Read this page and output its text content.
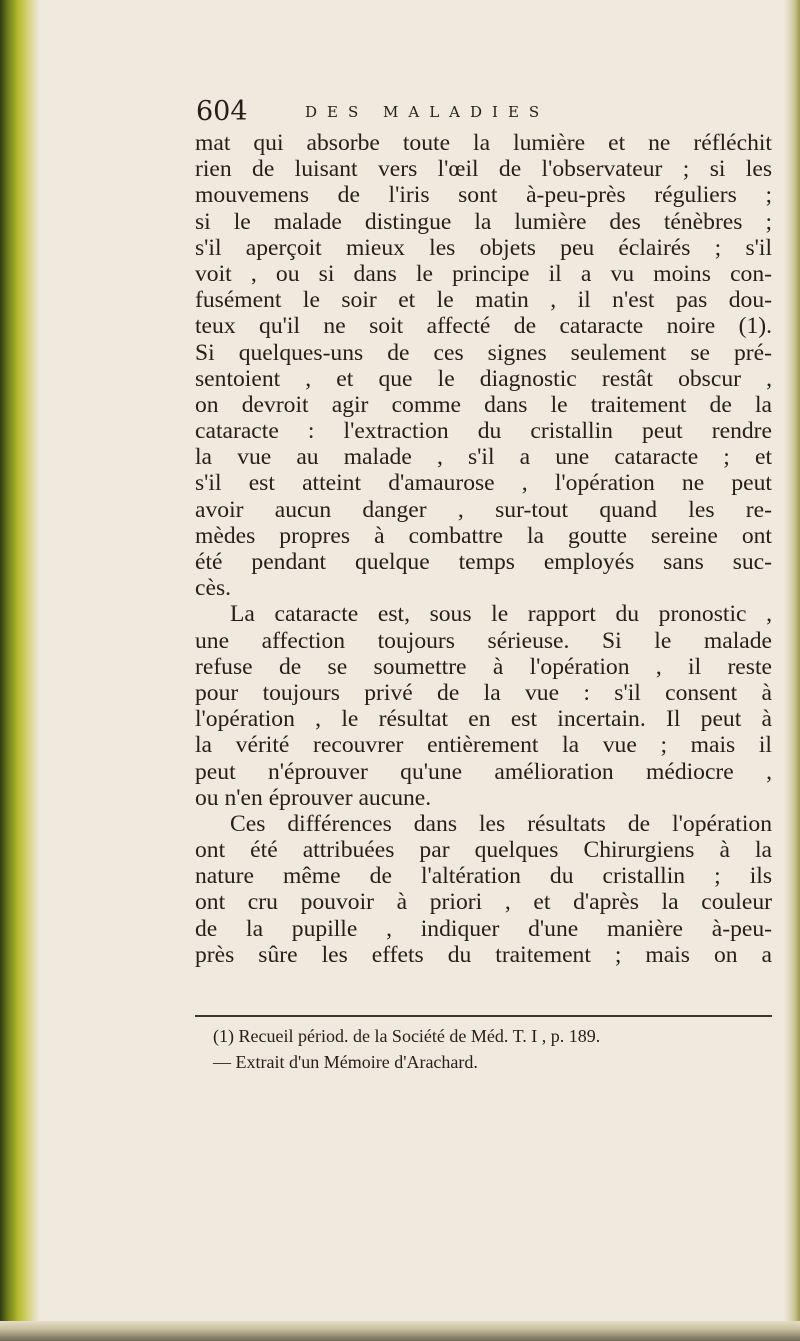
604	DES MALADIES
mat qui absorbe toute la lumière et ne réfléchit
rien de luisant vers l'œil de l'observateur ; si les
mouvemens de l'iris sont à-peu-près réguliers ;
si le malade distingue la lumière des ténèbres ;
s'il aperçoit mieux les objets peu éclairés ; s'il
voit , ou si dans le principe il a vu moins con-
fusément le soir et le matin , il n'est pas dou-
teux qu'il ne soit affecté de cataracte noire (1).
Si quelques-uns de ces signes seulement se pré-
sentoient , et que le diagnostic restât obscur ,
on devroit agir comme dans le traitement de la
cataracte : l'extraction du cristallin peut rendre
la vue au malade , s'il a une cataracte ; et
s'il est atteint d'amaurose , l'opération ne peut
avoir aucun danger , sur-tout quand les re-
mèdes propres à combattre la goutte sereine ont
été pendant quelque temps employés sans suc-
cès.
La cataracte est, sous le rapport du pronostic ,
une affection toujours sérieuse. Si le malade
refuse de se soumettre à l'opération , il reste
pour toujours privé de la vue : s'il consent à
l'opération , le résultat en est incertain. Il peut à
la vérité recouvrer entièrement la vue ; mais il
peut n'éprouver qu'une amélioration médiocre ,
ou n'en éprouver aucune.
Ces différences dans les résultats de l'opération
ont été attribuées par quelques Chirurgiens à la
nature même de l'altération du cristallin ; ils
ont cru pouvoir à priori , et d'après la couleur
de la pupille , indiquer d'une manière à-peu-
près sûre les effets du traitement ; mais on a
(1) Recueil périod. de la Société de Méd. T. I , p. 189.
— Extrait d'un Mémoire d'Arachard.
